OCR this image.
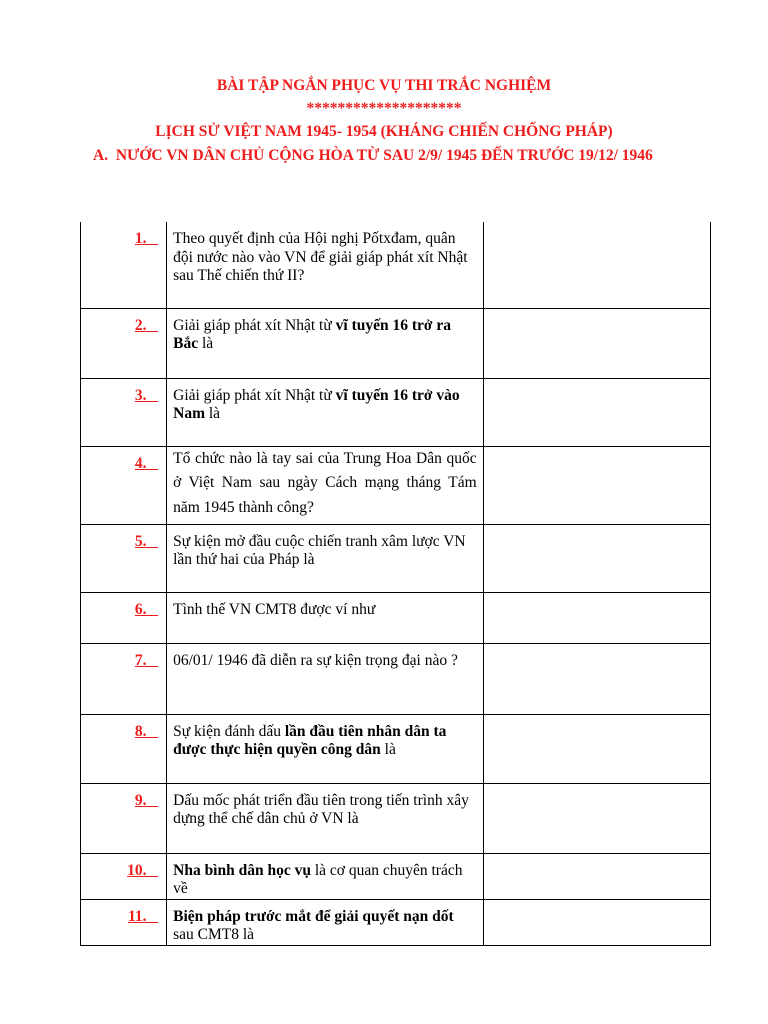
BÀI TẬP NGẮN PHỤC VỤ THI TRẮC NGHIỆM
********************
LỊCH SỬ VIỆT NAM 1945- 1954 (KHÁNG CHIẾN CHỐNG PHÁP)
A. NƯỚC VN DÂN CHỦ CỘNG HÒA TỪ SAU 2/9/ 1945 ĐẾN TRƯỚC 19/12/ 1946
1.	Theo quyết định của Hội nghị Pốtxđam, quân đội nước nào vào VN để giải giáp phát xít Nhật sau Thế chiến thứ II?	

2.	Giải giáp phát xít Nhật từ vĩ tuyến 16 trở ra Bắc là	

3.	Giải giáp phát xít Nhật từ vĩ tuyến 16 trở vào Nam là	

4.	Tổ chức nào là tay sai của Trung Hoa Dân quốc ở Việt Nam sau ngày Cách mạng tháng Tám năm 1945 thành công?	

5.	Sự kiện mở đầu cuộc chiến tranh xâm lược VN lần thứ hai của Pháp là	

6.	Tình thế VN CMT8 được ví như	

7.	06/01/ 1946 đã diễn ra sự kiện trọng đại nào ?	

8.	Sự kiện đánh dấu lần đầu tiên nhân dân ta được thực hiện quyền công dân là	

9.	Dấu mốc phát triển đầu tiên trong tiến trình xây dựng thể chế dân chủ ở VN là	

10.	Nha bình dân học vụ là cơ quan chuyên trách về	

11.	Biện pháp trước mắt để giải quyết nạn dốt sau CMT8 là	
